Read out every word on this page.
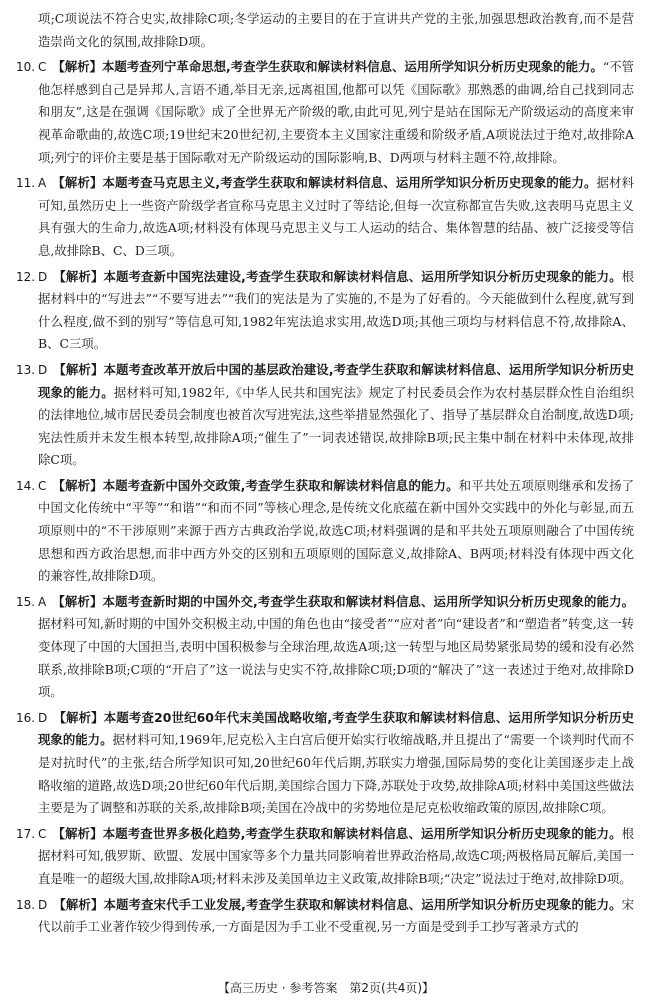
项;C项说法不符合史实,故排除C项;冬学运动的主要目的在于宣讲共产党的主张,加强思想政治教育,而不是营造崇尚文化的氛围,故排除D项。

10. C 【解析】本题考查列宁革命思想,考查学生获取和解读材料信息、运用所学知识分析历史现象的能力。“不管他怎样感到自己是异邦人,言语不通,举目无亲,远离祖国,他都可以凭《国际歌》那熟悉的曲调,给自己找到同志和朋友”,这是在强调《国际歌》成了全世界无产阶级的歌,由此可见,列宁是站在国际无产阶级运动的高度来审视革命歌曲的,故选C项;19世纪末20世纪初,主要资本主义国家注重缓和阶级矛盾,A项说法过于绝对,故排除A项;列宁的评价主要是基于国际歌对无产阶级运动的国际影响,B、D两项与材料主题不符,故排除。

11. A 【解析】本题考查马克思主义,考查学生获取和解读材料信息、运用所学知识分析历史现象的能力。据材料可知,虽然历史上一些资产阶级学者宣称马克思主义过时了等结论,但每一次宣称都宣告失败,这表明马克思主义具有强大的生命力,故选A项;材料没有体现马克思主义与工人运动的结合、集体智慧的结晶、被广泛接受等信息,故排除B、C、D三项。

12. D 【解析】本题考查新中国宪法建设,考查学生获取和解读材料信息、运用所学知识分析历史现象的能力。根据材料中的“写进去”“不要写进去”“我们的宪法是为了实施的,不是为了好看的。今天能做到什么程度,就写到什么程度,做不到的别写”等信息可知,1982年宪法追求实用,故选D项;其他三项均与材料信息不符,故排除A、B、C三项。

13. D 【解析】本题考查改革开放后中国的基层政治建设,考查学生获取和解读材料信息、运用所学知识分析历史现象的能力。据材料可知,1982年,《中华人民共和国宪法》规定了村民委员会作为农村基层群众性自治组织的法律地位,城市居民委员会制度也被首次写进宪法,这些举措显然强化了、指导了基层群众自治制度,故选D项;宪法性质并未发生根本转型,故排除A项;“催生了”一词表述错误,故排除B项;民主集中制在材料中未体现,故排除C项。

14. C 【解析】本题考查新中国外交政策,考查学生获取和解读材料信息的能力。和平共处五项原则继承和发扬了中国文化传统中“平等”“和谐”“和而不同”等核心理念,是传统文化底蕴在新中国外交实践中的外化与彰显,而五项原则中的“不干涉原则”来源于西方古典政治学说,故选C项;材料强调的是和平共处五项原则融合了中国传统思想和西方政治思想,而非中西方外交的区别和五项原则的国际意义,故排除A、B两项;材料没有体现中西文化的兼容性,故排除D项。

15. A 【解析】本题考查新时期的中国外交,考查学生获取和解读材料信息、运用所学知识分析历史现象的能力。据材料可知,新时期的中国外交积极主动,中国的角色也由“接受者”“应对者”向“建设者”和“塑造者”转变,这一转变体现了中国的大国担当,表明中国积极参与全球治理,故选A项;这一转型与地区局势紧张局势的缓和没有必然联系,故排除B项;C项的“开启了”这一说法与史实不符,故排除C项;D项的“解决了”这一表述过于绝对,故排除D项。

16. D 【解析】本题考查20世纪60年代末美国战略收缩,考查学生获取和解读材料信息、运用所学知识分析历史现象的能力。据材料可知,1969年,尼克松入主白宫后便开始实行收缩战略,并且提出了“需要一个谈判时代而不是对抗时代”的主张,结合所学知识可知,20世纪60年代后期,苏联实力增强,国际局势的变化让美国逐步走上战略收缩的道路,故选D项;20世纪60年代后期,美国综合国力下降,苏联处于攻势,故排除A项;材料中美国这些做法主要是为了调整和苏联的关系,故排除B项;美国在冷战中的劣势地位是尼克松收缩政策的原因,故排除C项。

17. C 【解析】本题考查世界多极化趋势,考查学生获取和解读材料信息、运用所学知识分析历史现象的能力。根据材料可知,俄罗斯、欧盟、发展中国家等多个力量共同影响着世界政治格局,故选C项;两极格局瓦解后,美国一直是唯一的超级大国,故排除A项;材料未涉及美国单边主义政策,故排除B项;“决定”说法过于绝对,故排除D项。

18. D 【解析】本题考查宋代手工业发展,考查学生获取和解读材料信息、运用所学知识分析历史现象的能力。宋代以前手工业著作较少得到传承,一方面是因为手工业不受重视,另一方面是受到手工抄写著录方式的

【高三历史 · 参考答案　第2页(共4页)】
